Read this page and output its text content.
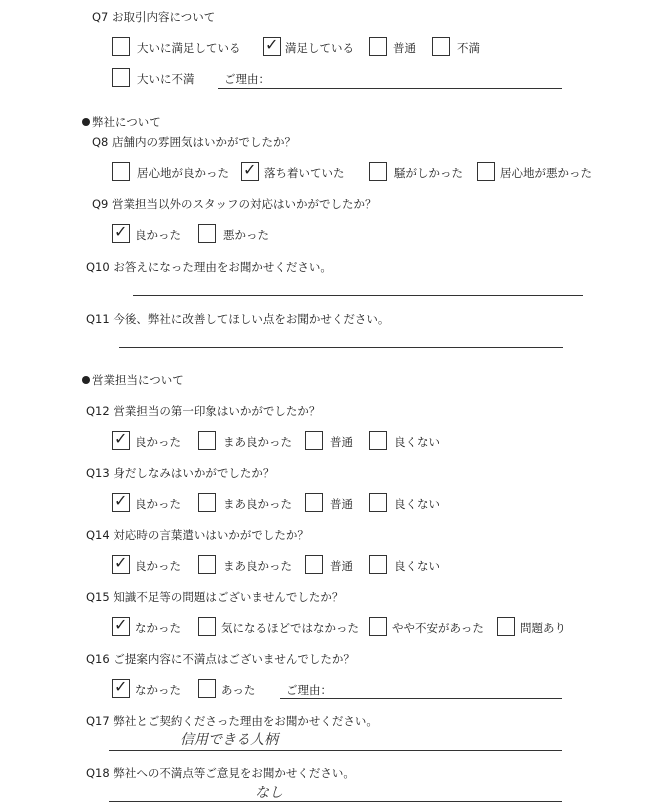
Q7 お取引内容について
大いに満足している ✓ 満足している	普通	不満
大いに不満	ご理由：
弊社について
Q8 店舗内の雰囲気はいかがでしたか？
居心地が良かった ✓ 落ち着いていた	騒がしかった	居心地が悪かった
Q9 営業担当以外のスタッフの対応はいかがでしたか？
✓ 良かった	悪かった
Q10 お答えになった理由をお聞かせください。
Q11 今後、弊社に改善してほしい点をお聞かせください。
営業担当について
Q12 営業担当の第一印象はいかがでしたか？
✓ 良かった	まあ良かった	普通	良くない
Q13 身だしなみはいかがでしたか？
✓ 良かった	まあ良かった	普通	良くない
Q14 対応時の言葉遣いはいかがでしたか？
✓ 良かった	まあ良かった	普通	良くない
Q15 知識不足等の問題はございませんでしたか？
✓ なかった	気になるほどではなかった	やや不安があった	問題あり
Q16 ご提案内容に不満点はございませんでしたか？
✓ なかった	あった	ご理由：
Q17 弊社とご契約くださった理由をお聞かせください。
信用できる人柄
Q18 弊社への不満点等ご意見をお聞かせください。
なし
